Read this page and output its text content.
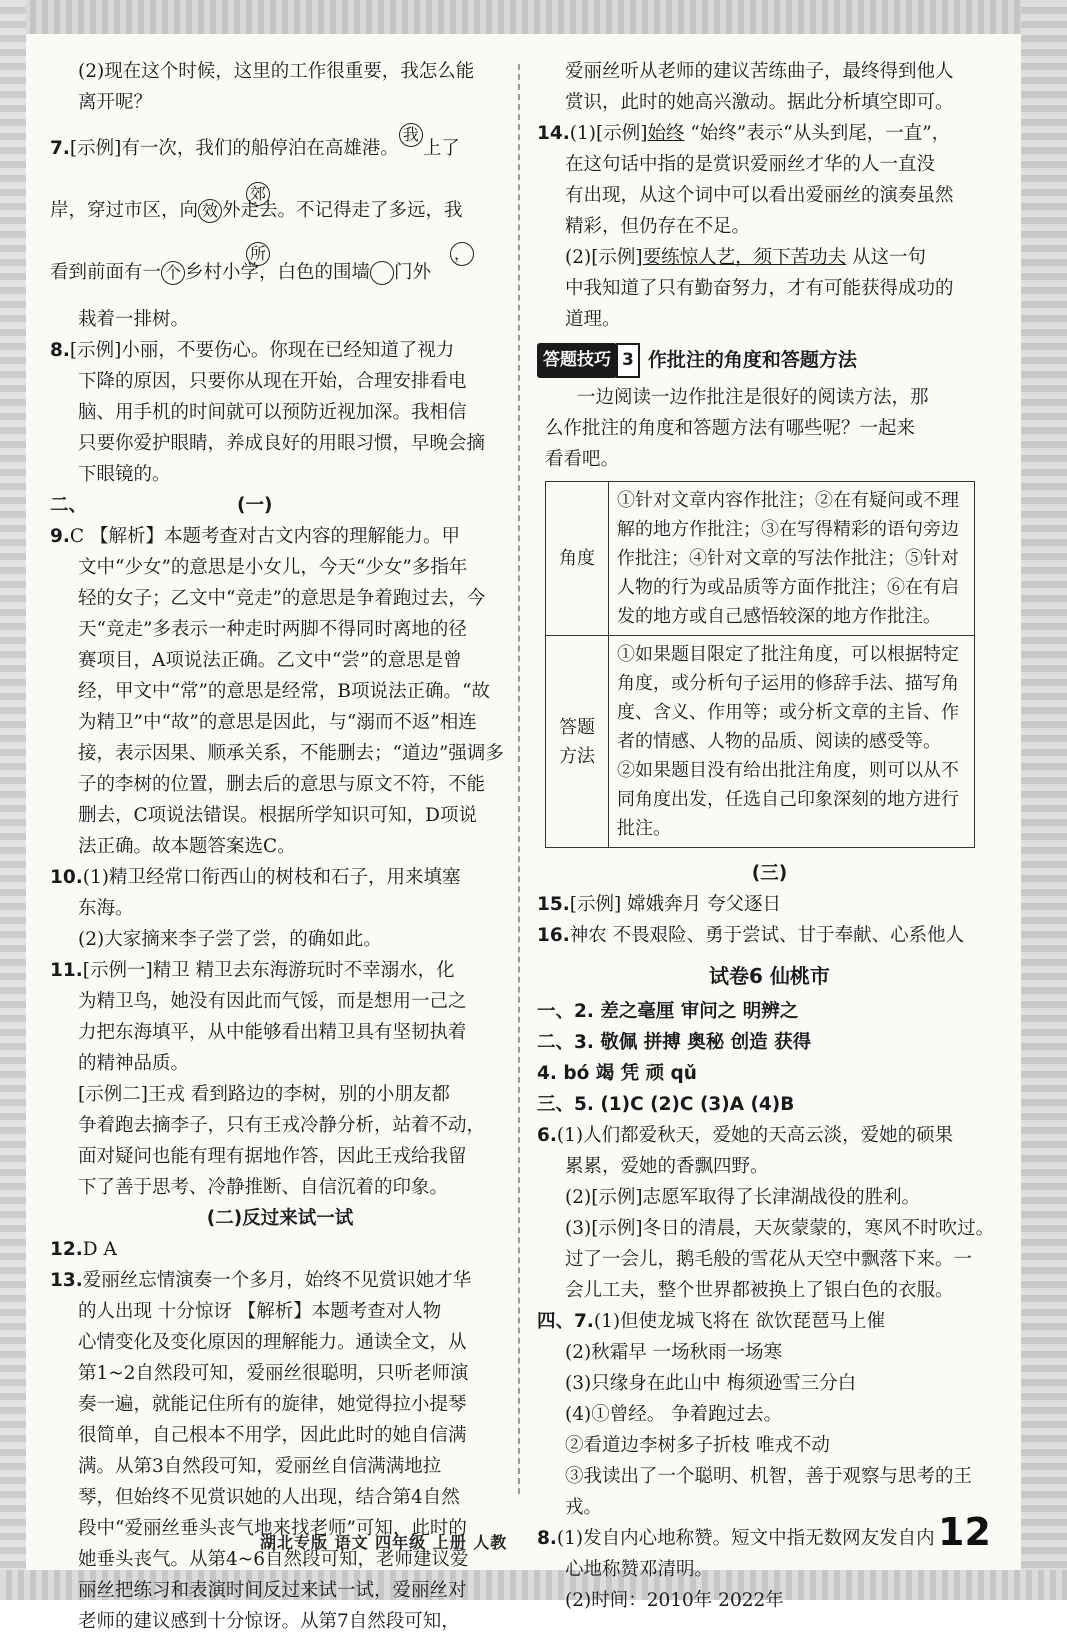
(2)现在这个时候，这里的工作很重要，我怎么能

离开呢？

7.[示例]有一次，我们的船停泊在高雄港。我上了
岸，穿过市区，向 效 外走去。不记得走了多远，我
郊
看到前面有一 个 乡村小学，白色的围墙 门外
所	，

栽着一排树。

8.[示例]小丽，不要伤心。你现在已经知道了视力

下降的原因，只要你从现在开始，合理安排看电

脑、用手机的时间就可以预防近视加深。我相信

只要你爱护眼睛，养成良好的用眼习惯，早晚会摘

下眼镜的。

二、	(一)

9.C 【解析】本题考查对古文内容的理解能力。甲

文中“少女”的意思是小女儿，今天“少女”多指年

轻的女子；乙文中“竞走”的意思是争着跑过去，今

天“竞走”多表示一种走时两脚不得同时离地的径

赛项目，A项说法正确。乙文中“尝”的意思是曾

经，甲文中“常”的意思是经常，B项说法正确。“故

为精卫”中“故”的意思是因此，与“溺而不返”相连

接，表示因果、顺承关系，不能删去；“道边”强调多

子的李树的位置，删去后的意思与原文不符，不能

删去，C项说法错误。根据所学知识可知，D项说

法正确。故本题答案选C。

10.(1)精卫经常口衔西山的树枝和石子，用来填塞

东海。

(2)大家摘来李子尝了尝，的确如此。

11.[示例一]精卫 精卫去东海游玩时不幸溺水，化

为精卫鸟，她没有因此而气馁，而是想用一己之

力把东海填平，从中能够看出精卫具有坚韧执着

的精神品质。

[示例二]王戎 看到路边的李树，别的小朋友都

争着跑去摘李子，只有王戎冷静分析，站着不动，

面对疑问也能有理有据地作答，因此王戎给我留

下了善于思考、冷静推断、自信沉着的印象。

(二)反过来试一试

12.D A

13.爱丽丝忘情演奏一个多月，始终不见赏识她才华

的人出现 十分惊讶 【解析】本题考查对人物

心情变化及变化原因的理解能力。通读全文，从

第1~2自然段可知，爱丽丝很聪明，只听老师演

奏一遍，就能记住所有的旋律，她觉得拉小提琴

很简单，自己根本不用学，因此此时的她自信满

满。从第3自然段可知，爱丽丝自信满满地拉

琴，但始终不见赏识她的人出现，结合第4自然

段中“爱丽丝垂头丧气地来找老师”可知，此时的

她垂头丧气。从第4~6自然段可知，老师建议爱

丽丝把练习和表演时间反过来试一试，爱丽丝对

老师的建议感到十分惊讶。从第7自然段可知，

爱丽丝听从老师的建议苦练曲子，最终得到他人

赏识，此时的她高兴激动。据此分析填空即可。

14.(1)[示例]始终 “始终”表示“从头到尾，一直”，

在这句话中指的是赏识爱丽丝才华的人一直没

有出现，从这个词中可以看出爱丽丝的演奏虽然

精彩，但仍存在不足。

(2)[示例]要练惊人艺，须下苦功夫 从这一句

中我知道了只有勤奋努力，才有可能获得成功的

道理。

答题技巧 3 作批注的角度和答题方法

一边阅读一边作批注是很好的阅读方法，那

么作批注的角度和答题方法有哪些呢？一起来

看看吧。

角度	①针对文章内容作批注；②在有疑问或不理解的地方作批注；③在写得精彩的语句旁边作批注；④针对文章的写法作批注；⑤针对人物的行为或品质等方面作批注；⑥在有启发的地方或自己感悟较深的地方作批注。
答题方法	①如果题目限定了批注角度，可以根据特定角度，或分析句子运用的修辞手法、描写角度、含义、作用等；或分析文章的主旨、作者的情感、人物的品质、阅读的感受等。
②如果题目没有给出批注角度，则可以从不同角度出发，任选自己印象深刻的地方进行批注。

(三)

15.[示例] 嫦娥奔月 夸父逐日

16.神农 不畏艰险、勇于尝试、甘于奉献、心系他人

试卷6 仙桃市

一、2. 差之毫厘 审问之 明辨之

二、3. 敬佩 拼搏 奥秘 创造 获得

4. bó 竭 凭 顽 qǔ

三、5. (1)C (2)C (3)A (4)B

6.(1)人们都爱秋天，爱她的天高云淡，爱她的硕果

累累，爱她的香飘四野。

(2)[示例]志愿军取得了长津湖战役的胜利。

(3)[示例]冬日的清晨，天灰蒙蒙的，寒风不时吹过。

过了一会儿，鹅毛般的雪花从天空中飘落下来。一

会儿工夫，整个世界都被换上了银白色的衣服。

四、7.(1)但使龙城飞将在 欲饮琵琶马上催

(2)秋霜早 一场秋雨一场寒

(3)只缘身在此山中 梅须逊雪三分白

(4)①曾经。 争着跑过去。

②看道边李树多子折枝 唯戎不动

③我读出了一个聪明、机智，善于观察与思考的王戎。

8.(1)发自内心地称赞。短文中指无数网友发自内

心地称赞邓清明。

(2)时间：2010年 2022年

湖北专版 语文 四年级 上册 人教	12
